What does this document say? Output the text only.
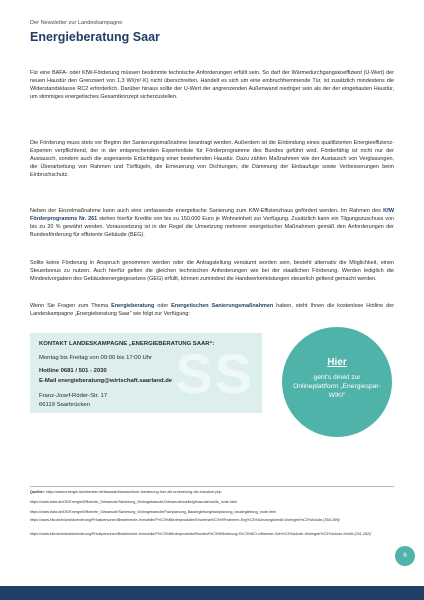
Der Newsletter zur Landeskampagne
Energieberatung Saar

Für eine BAFA- oder KfW-Förderung müssen bestimmte technische Anforderungen erfüllt sein. So darf der Wärmedurchgangskoeffizient (U-Wert) der neuen Haustür den Grenzwert von 1,3 W/(m²·K) nicht überschreiten. Handelt es sich um eine einbruchhemmende Tür, ist zusätzlich mindestens die Widerstandsklasse RC2 erforderlich. Darüber hinaus sollte der U-Wert der angrenzenden Außenwand niedriger sein als der der eingebauten Haustür, um stimmiges energetisches Gesamtkonzept sicherzustellen.

Die Förderung muss stets vor Beginn der Sanierungsmaßnahme beantragt werden. Außerdem ist die Einbindung eines qualifizierten Energieeffizienz-Experten verpflichtend, der in der entsprechenden Expertenliste für Förderprogramme des Bundes geführt wird. Förderfähig ist nicht nur der Austausch, sondern auch die sogenannte Ertüchtigung einer bestehenden Haustür. Dazu zählen Maßnahmen wie der Austausch von Verglasungen, die Überarbeitung von Rahmen und Türflügeln, die Erneuerung von Dichtungen, die Dämmung der Einbaufuge sowie Verbesserungen beim Einbruchschutz.

Neben der Einzelmaßnahme kann auch eine umfassende energetische Sanierung zum KfW-Effizienzhaus gefördert werden. Im Rahmen des KfW Förderprogramms Nr. 261 stehen hierfür Kredite von bis zu 150.000 Euro je Wohneinheit zur Verfügung. Zusätzlich kann ein Tilgungszuschuss von bis zu 20 % gewährt werden. Voraussetzung ist in der Regel die Umsetzung mehrerer energetischer Maßnahmen gemäß den Anforderungen der Bundesförderung für effiziente Gebäude (BEG).

Sollte keine Förderung in Anspruch genommen werden oder die Antragstellung versäumt worden sein, besteht alternativ die Möglichkeit, einen Steuerbonus zu nutzen. Auch hierfür gelten die gleichen technischen Anforderungen wie bei der staatlichen Förderung. Werden lediglich die Mindestvorgaben des Gebäudeenergiegesetzes (GEG) erfüllt, können zumindest die Handwerkerleistungen steuerlich geltend gemacht werden.

Wenn Sie Fragen zum Thema Energieberatung oder Energetischen Sanierungsmaßnahmen haben, steht Ihnen die kostenlose Hotline der Landeskampagne „Energieberatung Saar“ wie folgt zur Verfügung:

SS
KONTAKT LANDESKAMPAGNE „ENERGIEBERATUNG SAAR“:
Montag bis Freitag von 09:00 bis 17:00 Uhr
Hotline 0681 / 501 - 2030
E-Mail energieberatung@wirtschaft.saarland.de
Franz-Josef-Röder-Str. 17
66119 Saarbrücken
Hier
geht's direkt zur Onlineplattform „Energiespar-WIKI“
Quellen: https://www.energie-fachberater.de/fassade/haustuer/tuer-foerderung-fuer-die-erneuerung-der-haustuer.php
https://www.bafa.de/DE/Energie/Effiziente_Gebaeude/Sanierung_Wohngebaeude/Gebaeudehuelle/gebaeudehuelle_node.html
https://www.bafa.de/DE/Energie/Effiziente_Gebaeude/Sanierung_Wohngebaeude/Fachplanung_Baubegleitung/fachplanung_baubegleitung_node.html
https://www.kfw.de/inlandsfoerderung/Privatpersonen/Bestehende-Immobilie/F%C3%B6rderprodukte/Einzelma%C3%9Fnahmen-Erg%C3%A4nzungskredit-Wohngeb%C3%A4ude-(358-359)/
https://www.kfw.de/inlandsfoerderung/Privatpersonen/Bestehende-Immobilie/F%C3%B6rderprodukte/Bundesf%C3%B6rderung-f%C3%BCr-effiziente-Geb%C3%A4ude-Wohngeb%C3%A4ude-Kredit-(261-262)/
6
